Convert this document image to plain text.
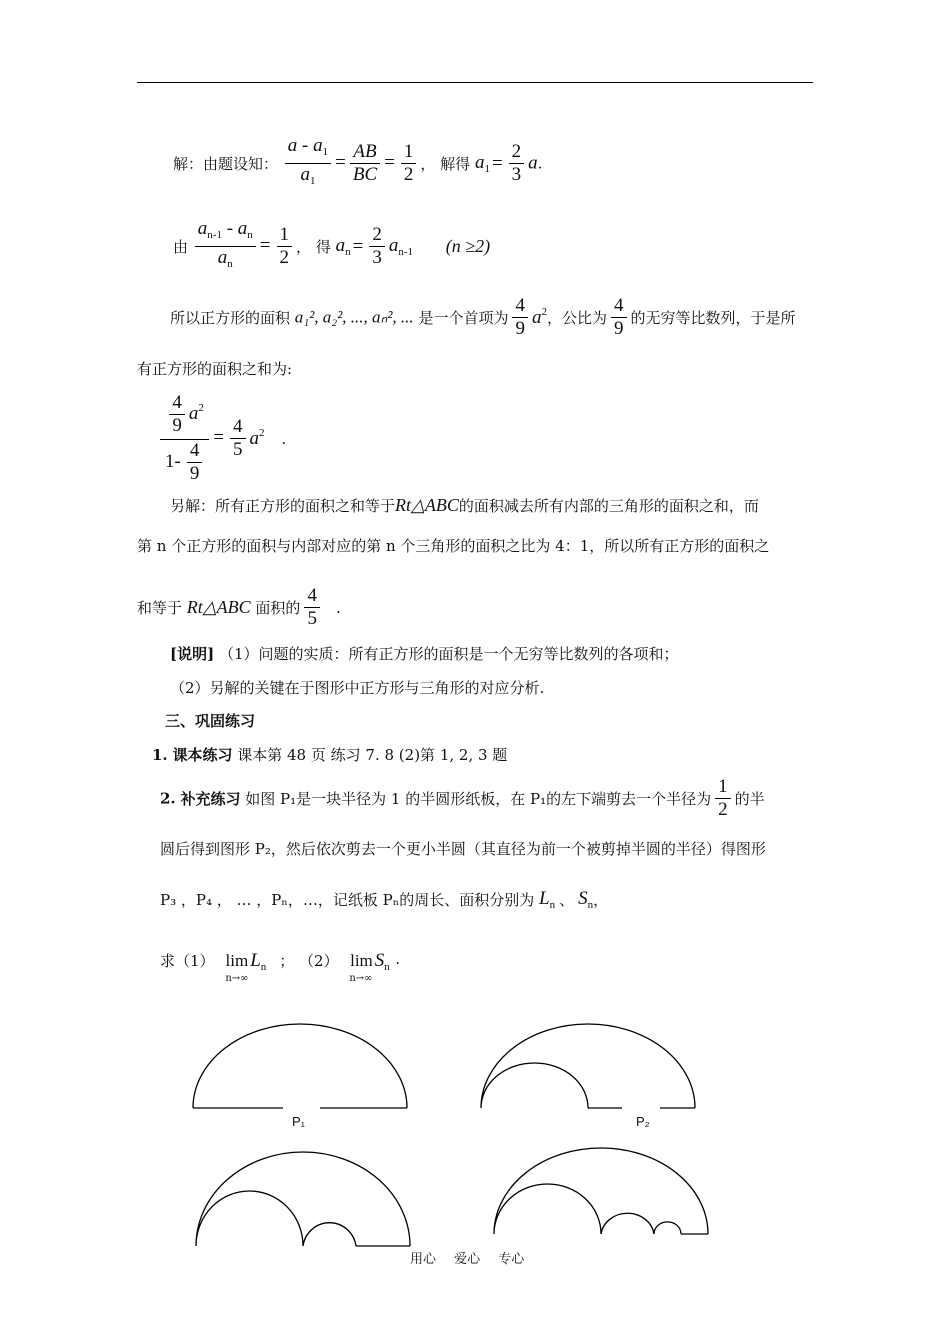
解：由题设知： $\frac{a - a_1}{a_1} = \frac{AB}{BC} = \frac{1}{2}$ ， 解得 $a_1 = \frac{2}{3} a$.
由 $\frac{a_{n-1} - a_n}{a_n} = \frac{1}{2}$ ， 得 $a_n = \frac{2}{3} a_{n-1}$ (n ≥2)
所以正方形的面积 a₁², a₂², ..., aₙ², ... 是一个首项为 $\frac{4}{9} a^2$，公比为 $\frac{4}{9}$ 的无穷等比数列，于是所
有正方形的面积之和为:
$\frac{\frac{4}{9} a^2}{1- \frac{4}{9}} = \frac{4}{5} a^2$ .
另解：所有正方形的面积之和等于Rt△ABC的面积减去所有内部的三角形的面积之和，而
第 n 个正方形的面积与内部对应的第 n 个三角形的面积之比为 4：1，所以所有正方形的面积之
和等于 Rt△ABC 面积的 $\frac{4}{5}$ .
[说明] （1）问题的实质：所有正方形的面积是一个无穷等比数列的各项和；
（2）另解的关键在于图形中正方形与三角形的对应分析.
三、巩固练习
1. 课本练习 课本第 48 页 练习 7. 8 (2)第 1, 2, 3 题
2. 补充练习 如图 P₁是一块半径为 1 的半圆形纸板，在 P₁的左下端剪去一个半径为 $\frac{1}{2}$ 的半
圆后得到图形 P₂，然后依次剪去一个更小半圆（其直径为前一个被剪掉半圆的半径）得图形
P₃ ，P₄ ， … ，Pₙ，…，记纸板 Pₙ的周长、面积分别为 $L_n$ 、 $S_n$，
求（1） $\lim L_n$
n→∞
； （2） $\lim S_n$
n→∞
.
P₁	P₂
用心 爱心 专心
